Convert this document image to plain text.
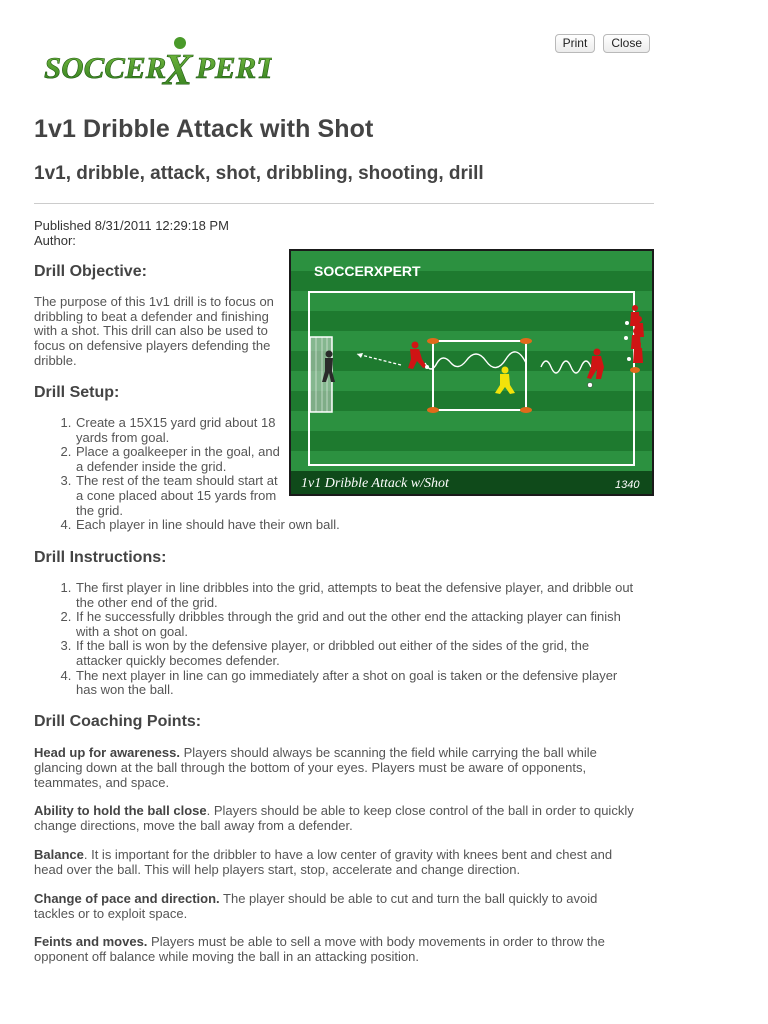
SOCCER
X PERT
Print	Close
1v1 Dribble Attack with Shot
1v1, dribble, attack, shot, dribbling, shooting, drill
Published 8/31/2011 12:29:18 PM
Author:
SOCCERXPERT
1v1 Dribble Attack w/Shot	1340
Drill Objective:

The purpose of this 1v1 drill is to focus on
dribbling to beat a defender and finishing
with a shot. This drill can also be used to
focus on defensive players defending the
dribble.

Drill Setup:
1. Create a 15X15 yard grid about 18
yards from goal.
2. Place a goalkeeper in the goal, and
a defender inside the grid.
3. The rest of the team should start at
a cone placed about 15 yards from
the grid.
4. Each player in line should have their own ball.
Drill Instructions:
1. The first player in line dribbles into the grid, attempts to beat the defensive player, and dribble out
the other end of the grid.
2. If he successfully dribbles through the grid and out the other end the attacking player can finish
with a shot on goal.
3. If the ball is won by the defensive player, or dribbled out either of the sides of the grid, the
attacker quickly becomes defender.
4. The next player in line can go immediately after a shot on goal is taken or the defensive player
has won the ball.
Drill Coaching Points:

Head up for awareness. Players should always be scanning the field while carrying the ball while
glancing down at the ball through the bottom of your eyes. Players must be aware of opponents,
teammates, and space.

Ability to hold the ball close. Players should be able to keep close control of the ball in order to quickly
change directions, move the ball away from a defender.

Balance. It is important for the dribbler to have a low center of gravity with knees bent and chest and
head over the ball. This will help players start, stop, accelerate and change direction.

Change of pace and direction. The player should be able to cut and turn the ball quickly to avoid
tackles or to exploit space.

Feints and moves. Players must be able to sell a move with body movements in order to throw the
opponent off balance while moving the ball in an attacking position.
